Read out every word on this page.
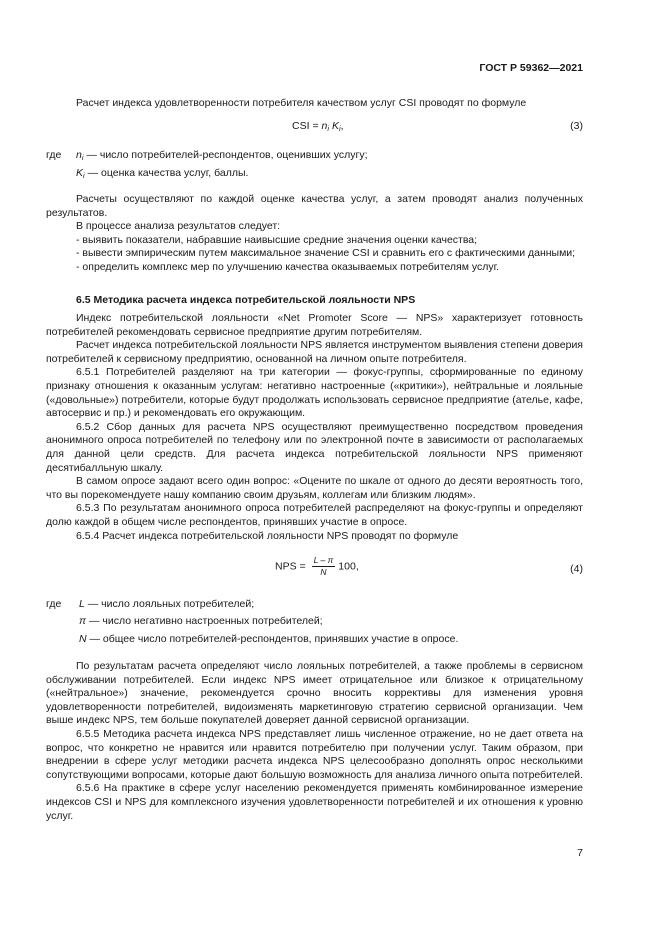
ГОСТ Р 59362—2021

Расчет индекса удовлетворенности потребителя качеством услуг CSI проводят по формуле

CSI = $n_i$ $K_i$,	(3)
где $n_i$ — число потребителей-респондентов, оценивших услугу;
$K_i$ — оценка качества услуг, баллы.

Расчеты осуществляют по каждой оценке качества услуг, а затем проводят анализ полученных результатов.

В процессе анализа результатов следует:

- выявить показатели, набравшие наивысшие средние значения оценки качества;

- вывести эмпирическим путем максимальное значение CSI и сравнить его с фактическими данными;

- определить комплекс мер по улучшению качества оказываемых потребителям услуг.

6.5 Методика расчета индекса потребительской лояльности NPS

Индекс потребительской лояльности «Net Promoter Score — NPS» характеризует готовность потребителей рекомендовать сервисное предприятие другим потребителям.

Расчет индекса потребительской лояльности NPS является инструментом выявления степени доверия потребителей к сервисному предприятию, основанной на личном опыте потребителя.

6.5.1 Потребителей разделяют на три категории — фокус-группы, сформированные по единому признаку отношения к оказанным услугам: негативно настроенные («критики»), нейтральные и лояльные («довольные») потребители, которые будут продолжать использовать сервисное предприятие (ателье, кафе, автосервис и пр.) и рекомендовать его окружающим.

6.5.2 Сбор данных для расчета NPS осуществляют преимущественно посредством проведения анонимного опроса потребителей по телефону или по электронной почте в зависимости от располагаемых для данной цели средств. Для расчета индекса потребительской лояльности NPS применяют десятибалльную шкалу.

В самом опросе задают всего один вопрос: «Оцените по шкале от одного до десяти вероятность того, что вы порекомендуете нашу компанию своим друзьям, коллегам или близким людям».

6.5.3 По результатам анонимного опроса потребителей распределяют на фокус-группы и определяют долю каждой в общем числе респондентов, принявших участие в опросе.

6.5.4 Расчет индекса потребительской лояльности NPS проводят по формуле

NPS = $\frac{L - \pi}{N} 100$,	(4)
где L — число лояльных потребителей;
π — число негативно настроенных потребителей;
N — общее число потребителей-респондентов, принявших участие в опросе.

По результатам расчета определяют число лояльных потребителей, а также проблемы в сервисном обслуживании потребителей. Если индекс NPS имеет отрицательное или близкое к отрицательному («нейтральное») значение, рекомендуется срочно вносить коррективы для изменения уровня удовлетворенности потребителей, видоизменять маркетинговую стратегию сервисной организации. Чем выше индекс NPS, тем больше покупателей доверяет данной сервисной организации.

6.5.5 Методика расчета индекса NPS представляет лишь численное отражение, но не дает ответа на вопрос, что конкретно не нравится или нравится потребителю при получении услуг. Таким образом, при внедрении в сфере услуг методики расчета индекса NPS целесообразно дополнять опрос несколькими сопутствующими вопросами, которые дают большую возможность для анализа личного опыта потребителей.

6.5.6 На практике в сфере услуг населению рекомендуется применять комбинированное измерение индексов CSI и NPS для комплексного изучения удовлетворенности потребителей и их отношения к уровню услуг.

7
